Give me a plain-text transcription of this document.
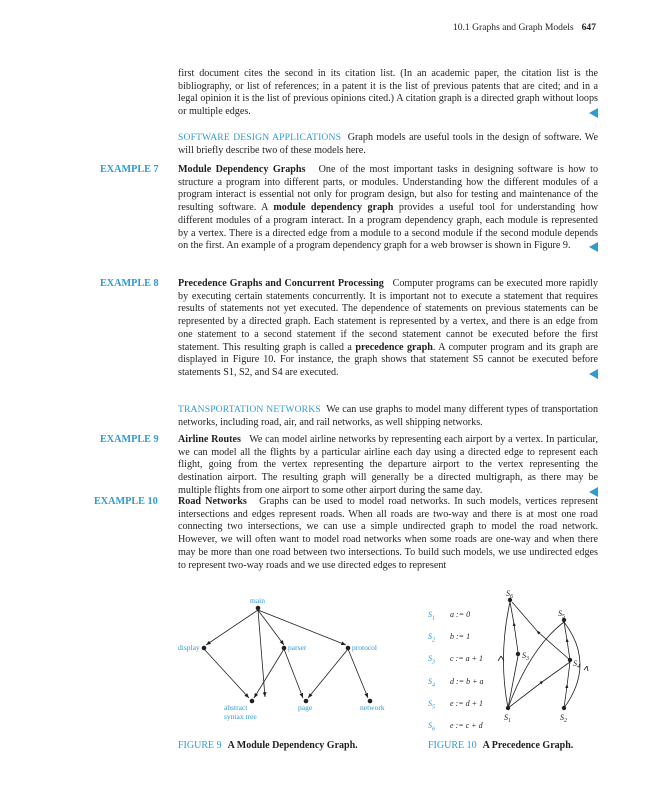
10.1 Graphs and Graph Models 647

first document cites the second in its citation list. (In an academic paper, the citation list is the bibliography, or list of references; in a patent it is the list of previous patents that are cited; and in a legal opinion it is the list of previous opinions cited.) A citation graph is a directed graph without loops or multiple edges.

SOFTWARE DESIGN APPLICATIONS Graph models are useful tools in the design of software. We will briefly describe two of these models here.

EXAMPLE 7	Module Dependency Graphs One of the most important tasks in designing software is how to structure a program into different parts, or modules. Understanding how the different modules of a program interact is essential not only for program design, but also for testing and maintenance of the resulting software. A module dependency graph provides a useful tool for understanding how different modules of a program interact. In a program dependency graph, each module is represented by a vertex. There is a directed edge from a module to a second module if the second module depends on the first. An example of a program dependency graph for a web browser is shown in Figure 9.

EXAMPLE 8	Precedence Graphs and Concurrent Processing Computer programs can be executed more rapidly by executing certain statements concurrently. It is important not to execute a statement that requires results of statements not yet executed. The dependence of statements on previous statements can be represented by a directed graph. Each statement is represented by a vertex, and there is an edge from one statement to a second statement if the second statement cannot be executed before the first statement. This resulting graph is called a precedence graph. A computer program and its graph are displayed in Figure 10. For instance, the graph shows that statement S5 cannot be executed before statements S1, S2, and S4 are executed.

TRANSPORTATION NETWORKS We can use graphs to model many different types of transportation networks, including road, air, and rail networks, as well shipping networks.

EXAMPLE 9	Airline Routes We can model airline networks by representing each airport by a vertex. In particular, we can model all the flights by a particular airline each day using a directed edge to represent each flight, going from the vertex representing the departure airport to the vertex representing the destination airport. The resulting graph will generally be a directed multigraph, as there may be multiple flights from one airport to some other airport during the same day.

EXAMPLE 10	Road Networks Graphs can be used to model road networks. In such models, vertices represent intersections and edges represent roads. When all roads are two-way and there is at most one road connecting two intersections, we can use a simple undirected graph to model the road network. However, we will often want to model road networks when some roads are one-way and when there may be more than one road between two intersections. To build such models, we use undirected edges to represent two-way roads and we use directed edges to represent

main
display	parser	protocol
abstract
syntax tree
page	network
$S_1$ a := 0
$S_2$ b := 1
$S_3$ c := a + 1
$S_4$ d := b + a
$S_5$ e := d + 1
$S_6$ e := c + d
$S_1$	$S_2$
$S_3$	$S_4$
$S_5$
$S_6$
FIGURE 9 A Module Dependency Graph.	FIGURE 10 A Precedence Graph.
